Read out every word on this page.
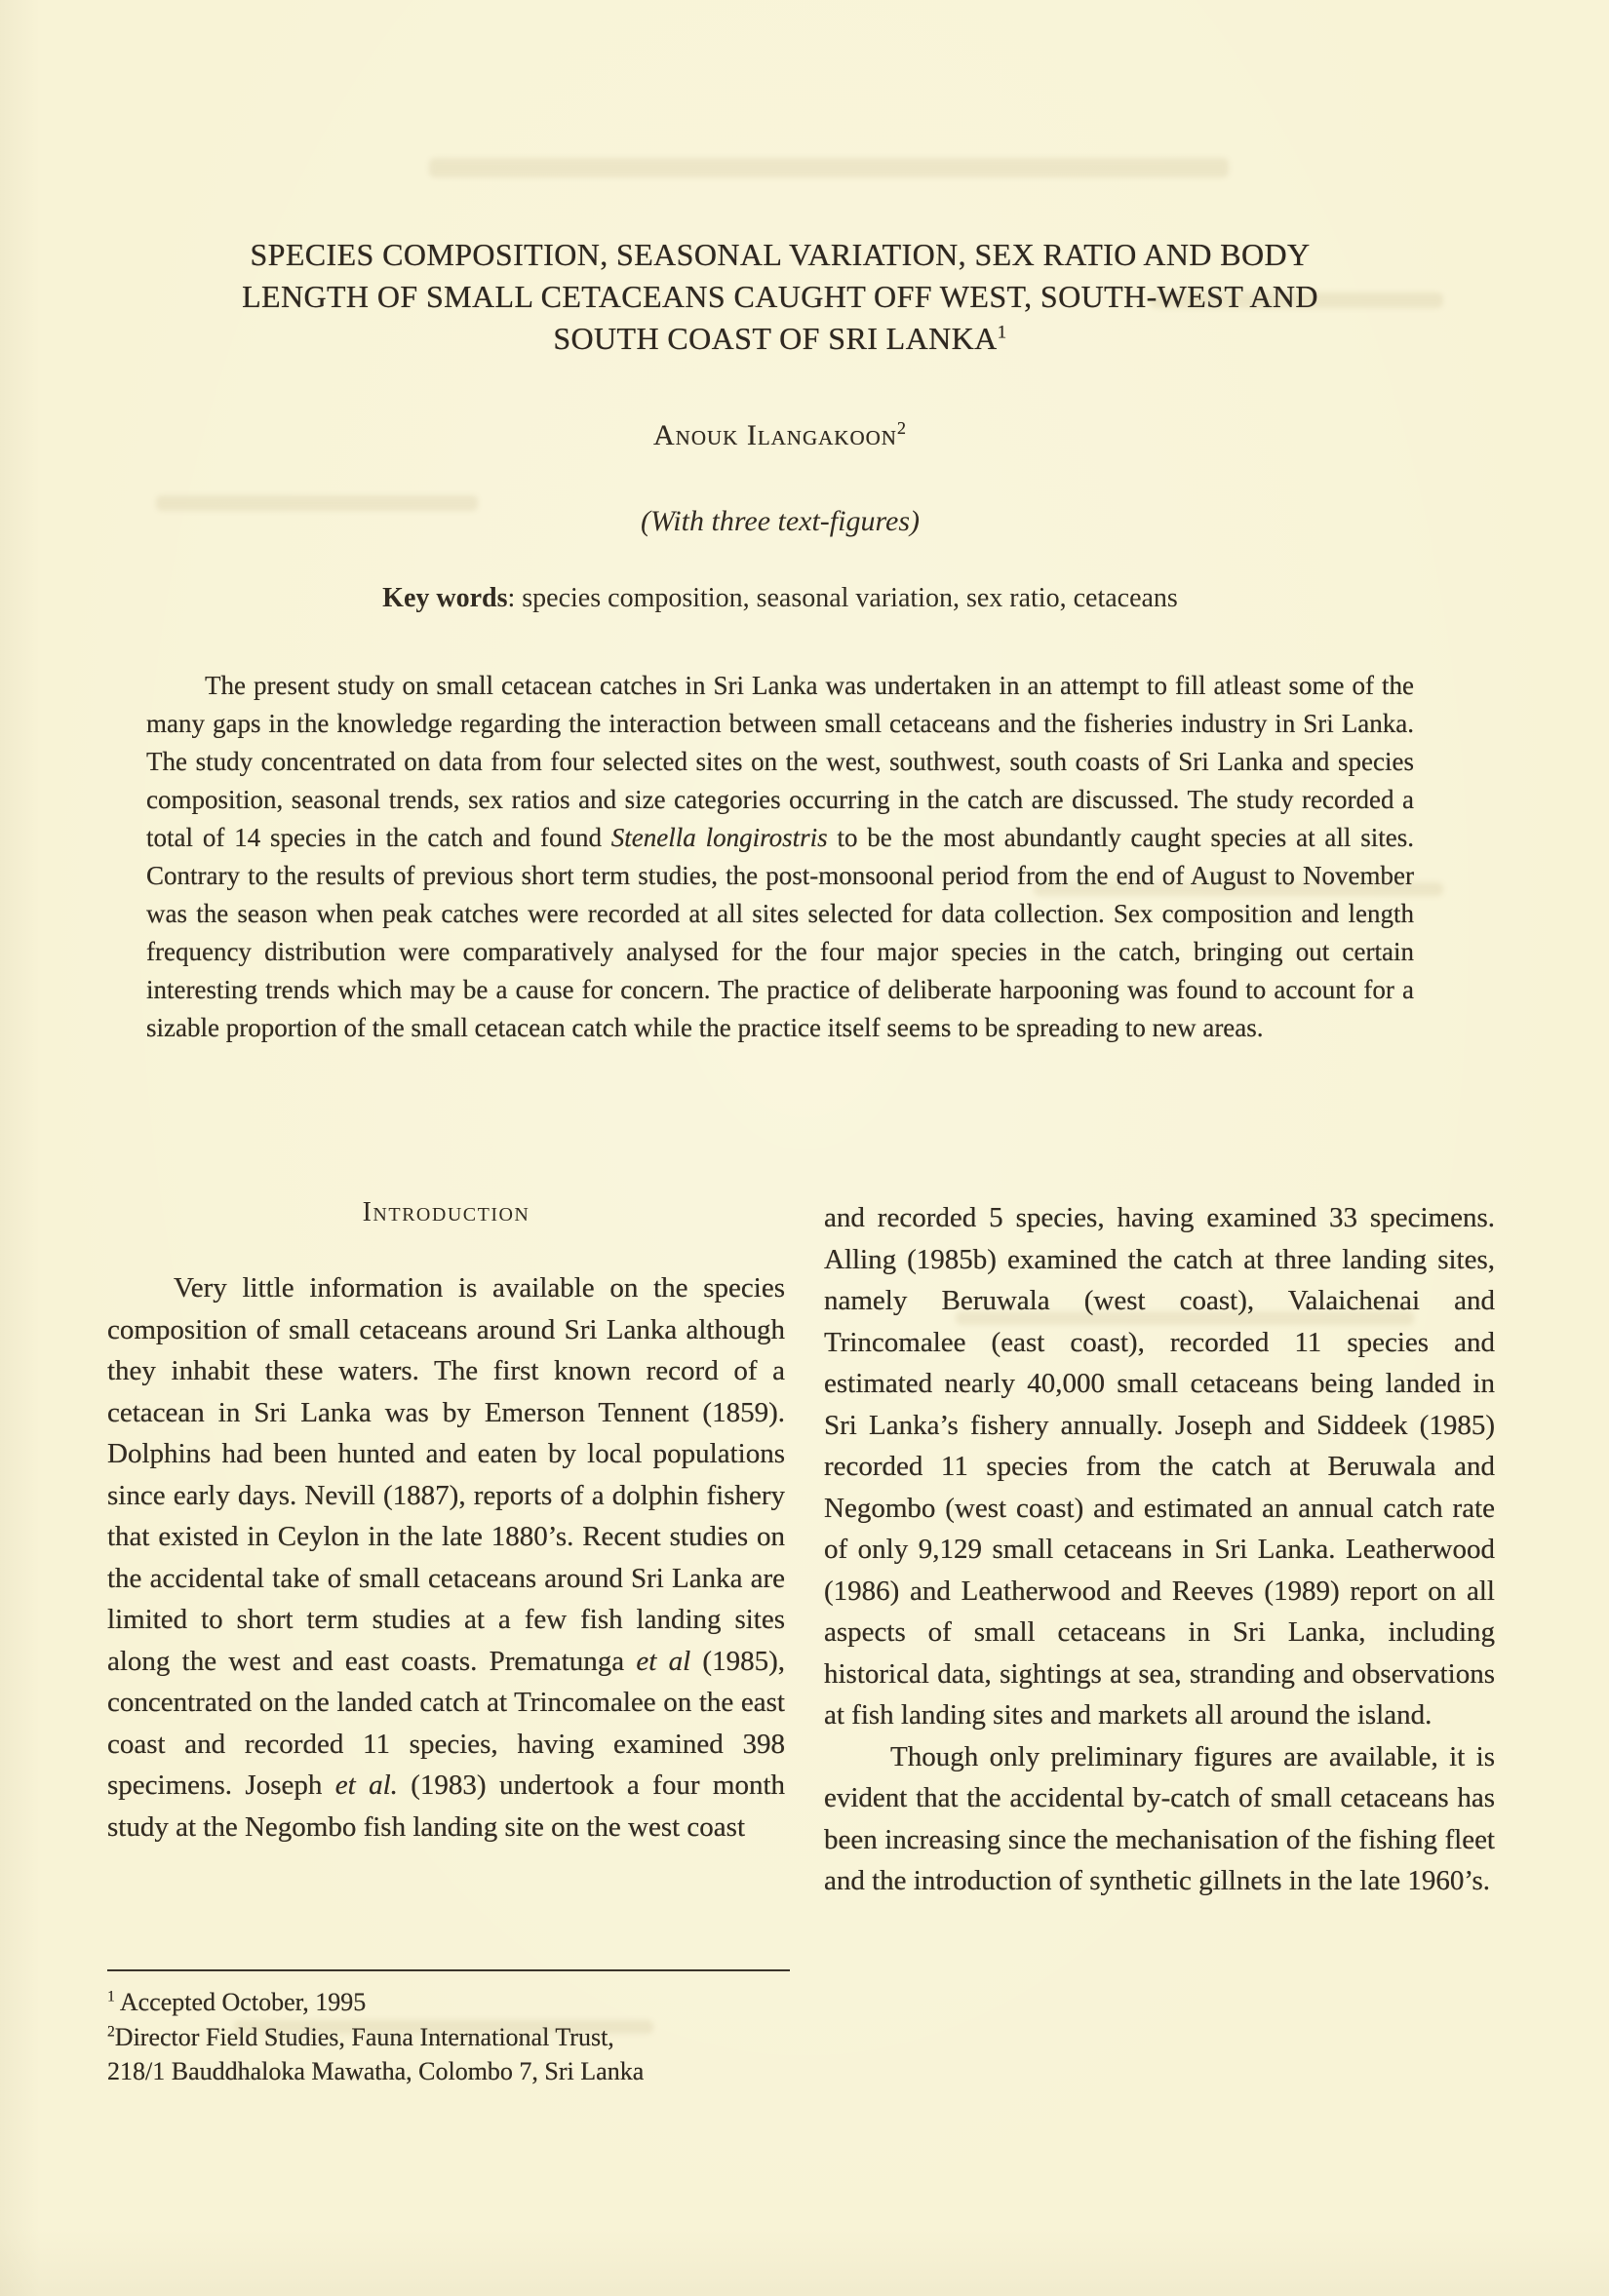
SPECIES COMPOSITION, SEASONAL VARIATION, SEX RATIO AND BODY
LENGTH OF SMALL CETACEANS CAUGHT OFF WEST, SOUTH-WEST AND
SOUTH COAST OF SRI LANKA$^1$
Anouk Ilangakoon$^2$
(With three text-figures)
Key words: species composition, seasonal variation, sex ratio, cetaceans
The present study on small cetacean catches in Sri Lanka was undertaken in an attempt to fill atleast some of the many gaps in the knowledge regarding the interaction between small cetaceans and the fisheries industry in Sri Lanka. The study concentrated on data from four selected sites on the west, southwest, south coasts of Sri Lanka and species composition, seasonal trends, sex ratios and size categories occurring in the catch are discussed. The study recorded a total of 14 species in the catch and found Stenella longirostris to be the most abundantly caught species at all sites. Contrary to the results of previous short term studies, the post-monsoonal period from the end of August to November was the season when peak catches were recorded at all sites selected for data collection. Sex composition and length frequency distribution were comparatively analysed for the four major species in the catch, bringing out certain interesting trends which may be a cause for concern. The practice of deliberate harpooning was found to account for a sizable proportion of the small cetacean catch while the practice itself seems to be spreading to new areas.
Introduction

Very little information is available on the species composition of small cetaceans around Sri Lanka although they inhabit these waters. The first known record of a cetacean in Sri Lanka was by Emerson Tennent (1859). Dolphins had been hunted and eaten by local populations since early days. Nevill (1887), reports of a dolphin fishery that existed in Ceylon in the late 1880’s. Recent studies on the accidental take of small cetaceans around Sri Lanka are limited to short term studies at a few fish landing sites along the west and east coasts. Prematunga et al (1985), concentrated on the landed catch at Trincomalee on the east coast and recorded 11 species, having examined 398 specimens. Joseph et al. (1983) undertook a four month study at the Negombo fish landing site on the west coast

and recorded 5 species, having examined 33 specimens. Alling (1985b) examined the catch at three landing sites, namely Beruwala (west coast), Valaichenai and Trincomalee (east coast), recorded 11 species and estimated nearly 40,000 small cetaceans being landed in Sri Lanka’s fishery annually. Joseph and Siddeek (1985) recorded 11 species from the catch at Beruwala and Negombo (west coast) and estimated an annual catch rate of only 9,129 small cetaceans in Sri Lanka. Leatherwood (1986) and Leatherwood and Reeves (1989) report on all aspects of small cetaceans in Sri Lanka, including historical data, sightings at sea, stranding and observations at fish landing sites and markets all around the island.

Though only preliminary figures are available, it is evident that the accidental by-catch of small cetaceans has been increasing since the mechanisation of the fishing fleet and the introduction of synthetic gillnets in the late 1960’s.

$^1$ Accepted October, 1995
$^2$Director Field Studies, Fauna International Trust,
218/1 Bauddhaloka Mawatha, Colombo 7, Sri Lanka
